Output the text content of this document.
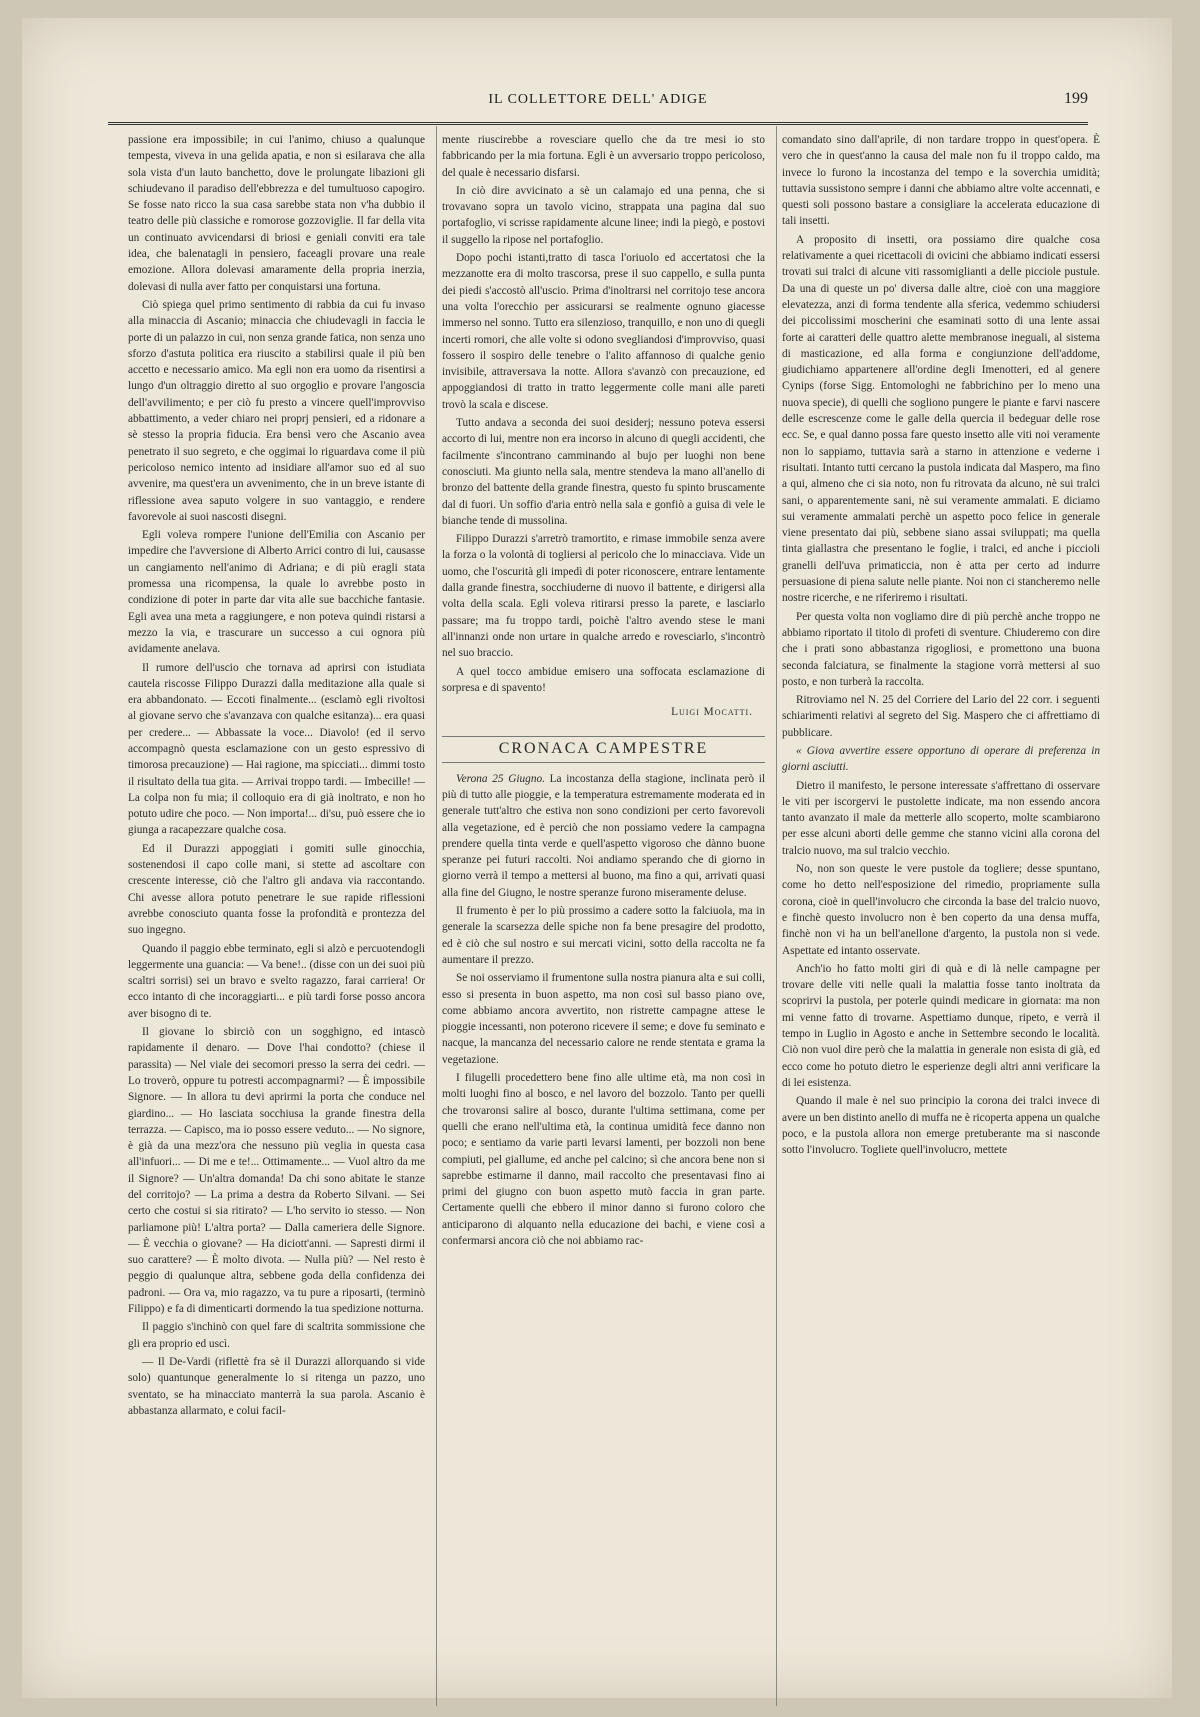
IL COLLETTORE DELL' ADIGE	199

passione era impossibile; in cui l'animo, chiuso a qualunque tempesta, viveva in una gelida apatia, e non si esilarava che alla sola vista d'un lauto banchetto, dove le prolungate libazioni gli schiudevano il paradiso dell'ebbrezza e del tumultuoso capogiro. Se fosse nato ricco la sua casa sarebbe stata non v'ha dubbio il teatro delle più classiche e romorose gozzoviglie. Il far della vita un continuato avvicendarsi di briosi e geniali conviti era tale idea, che balenatagli in pensiero, faceagli provare una reale emozione. Allora dolevasi amaramente della propria inerzia, dolevasi di nulla aver fatto per conquistarsi una fortuna.

Ciò spiega quel primo sentimento di rabbia da cui fu invaso alla minaccia di Ascanio; minaccia che chiudevagli in faccia le porte di un palazzo in cui, non senza grande fatica, non senza uno sforzo d'astuta politica era riuscito a stabilirsi quale il più ben accetto e necessario amico. Ma egli non era uomo da risentirsi a lungo d'un oltraggio diretto al suo orgoglio e provare l'angoscia dell'avvilimento; e per ciò fu presto a vincere quell'improvviso abbattimento, a veder chiaro nei proprj pensieri, ed a ridonare a sè stesso la propria fiducia. Era bensì vero che Ascanio avea penetrato il suo segreto, e che oggimai lo riguardava come il più pericoloso nemico intento ad insidiare all'amor suo ed al suo avvenire, ma quest'era un avvenimento, che in un breve istante di riflessione avea saputo volgere in suo vantaggio, e rendere favorevole ai suoi nascosti disegni.

Egli voleva rompere l'unione dell'Emilia con Ascanio per impedire che l'avversione di Alberto Arrici contro di lui, causasse un cangiamento nell'animo di Adriana; e di più eragli stata promessa una ricompensa, la quale lo avrebbe posto in condizione di poter in parte dar vita alle sue bacchiche fantasie. Egli avea una meta a raggiungere, e non poteva quindi ristarsi a mezzo la via, e trascurare un successo a cui ognora più avidamente anelava.

Il rumore dell'uscio che tornava ad aprirsi con istudiata cautela riscosse Filippo Durazzi dalla meditazione alla quale si era abbandonato. — Eccoti finalmente... (esclamò egli rivoltosi al giovane servo che s'avanzava con qualche esitanza)... era quasi per credere... — Abbassate la voce... Diavolo! (ed il servo accompagnò questa esclamazione con un gesto espressivo di timorosa precauzione) — Hai ragione, ma spicciati... dimmi tosto il risultato della tua gita. — Arrivai troppo tardi. — Imbecille! — La colpa non fu mia; il colloquio era di già inoltrato, e non ho potuto udire che poco. — Non importa!... di'su, può essere che io giunga a racapezzare qualche cosa.

Ed il Durazzi appoggiati i gomiti sulle ginocchia, sostenendosi il capo colle mani, si stette ad ascoltare con crescente interesse, ciò che l'altro gli andava via raccontando. Chi avesse allora potuto penetrare le sue rapide riflessioni avrebbe conosciuto quanta fosse la profondità e prontezza del suo ingegno.

Quando il paggio ebbe terminato, egli si alzò e percuotendogli leggermente una guancia: — Va bene!.. (disse con un dei suoi più scaltri sorrisi) sei un bravo e svelto ragazzo, farai carriera! Or ecco intanto di che incoraggiarti... e più tardi forse posso ancora aver bisogno di te.

Il giovane lo sbirciò con un sogghigno, ed intascò rapidamente il denaro. — Dove l'hai condotto? (chiese il parassita) — Nel viale dei secomori presso la serra dei cedri. — Lo troverò, oppure tu potresti accompagnarmi? — È impossibile Signore. — In allora tu devi aprirmi la porta che conduce nel giardino... — Ho lasciata socchiusa la grande finestra della terrazza. — Capisco, ma io posso essere veduto... — No signore, è già da una mezz'ora che nessuno più veglia in questa casa all'infuori... — Di me e te!... Ottimamente... — Vuol altro da me il Signore? — Un'altra domanda! Da chi sono abitate le stanze del corritojo? — La prima a destra da Roberto Silvani. — Sei certo che costui si sia ritirato? — L'ho servito io stesso. — Non parliamone più! L'altra porta? — Dalla cameriera delle Signore. — È vecchia o giovane? — Ha diciott'anni. — Sapresti dirmi il suo carattere? — È molto divota. — Nulla più? — Nel resto è peggio di qualunque altra, sebbene goda della confidenza dei padroni. — Ora va, mio ragazzo, va tu pure a riposarti, (terminò Filippo) e fa di dimenticarti dormendo la tua spedizione notturna.

Il paggio s'inchinò con quel fare di scaltrita sommissione che gli era proprio ed uscì.

— Il De-Vardi (riflettè fra sè il Durazzi allorquando si vide solo) quantunque generalmente lo si ritenga un pazzo, uno sventato, se ha minacciato manterrà la sua parola. Ascanio è abbastanza allarmato, e colui facil-

mente riuscirebbe a rovesciare quello che da tre mesi io sto fabbricando per la mia fortuna. Egli è un avversario troppo pericoloso, del quale è necessario disfarsi.

In ciò dire avvicinato a sè un calamajo ed una penna, che si trovavano sopra un tavolo vicino, strappata una pagina dal suo portafoglio, vi scrisse rapidamente alcune linee; indi la piegò, e postovi il suggello la ripose nel portafoglio.

Dopo pochi istanti,tratto di tasca l'oriuolo ed accertatosi che la mezzanotte era di molto trascorsa, prese il suo cappello, e sulla punta dei piedi s'accostò all'uscio. Prima d'inoltrarsi nel corritojo tese ancora una volta l'orecchio per assicurarsi se realmente ognuno giacesse immerso nel sonno. Tutto era silenzioso, tranquillo, e non uno di quegli incerti romori, che alle volte si odono svegliandosi d'improvviso, quasi fossero il sospiro delle tenebre o l'alito affannoso di qualche genio invisibile, attraversava la notte. Allora s'avanzò con precauzione, ed appoggiandosi di tratto in tratto leggermente colle mani alle pareti trovò la scala e discese.

Tutto andava a seconda dei suoi desiderj; nessuno poteva essersi accorto di lui, mentre non era incorso in alcuno di quegli accidenti, che facilmente s'incontrano camminando al bujo per luoghi non bene conosciuti. Ma giunto nella sala, mentre stendeva la mano all'anello di bronzo del battente della grande finestra, questo fu spinto bruscamente dal di fuori. Un soffio d'aria entrò nella sala e gonfiò a guisa di vele le bianche tende di mussolina.

Filippo Durazzi s'arretrò tramortito, e rimase immobile senza avere la forza o la volontà di togliersi al pericolo che lo minacciava. Vide un uomo, che l'oscurità gli impedì di poter riconoscere, entrare lentamente dalla grande finestra, socchiuderne di nuovo il battente, e dirigersi alla volta della scala. Egli voleva ritirarsi presso la parete, e lasciarlo passare; ma fu troppo tardi, poichè l'altro avendo stese le mani all'innanzi onde non urtare in qualche arredo e rovesciarlo, s'incontrò nel suo braccio.

A quel tocco ambidue emisero una soffocata esclamazione di sorpresa e di spavento!

Luigi Mocatti.
CRONACA CAMPESTRE

Verona 25 Giugno. La incostanza della stagione, inclinata però il più di tutto alle pioggie, e la temperatura estremamente moderata ed in generale tutt'altro che estiva non sono condizioni per certo favorevoli alla vegetazione, ed è perciò che non possiamo vedere la campagna prendere quella tinta verde e quell'aspetto vigoroso che dànno buone speranze pei futuri raccolti. Noi andiamo sperando che di giorno in giorno verrà il tempo a mettersi al buono, ma fino a qui, arrivati quasi alla fine del Giugno, le nostre speranze furono miseramente deluse.

Il frumento è per lo più prossimo a cadere sotto la falciuola, ma in generale la scarsezza delle spiche non fa bene presagire del prodotto, ed è ciò che sul nostro e sui mercati vicini, sotto della raccolta ne fa aumentare il prezzo.

Se noi osserviamo il frumentone sulla nostra pianura alta e sui colli, esso si presenta in buon aspetto, ma non così sul basso piano ove, come abbiamo ancora avvertito, non ristrette campagne attese le pioggie incessanti, non poterono ricevere il seme; e dove fu seminato e nacque, la mancanza del necessario calore ne rende stentata e grama la vegetazione.

I filugelli procedettero bene fino alle ultime età, ma non così in molti luoghi fino al bosco, e nel lavoro del bozzolo. Tanto per quelli che trovaronsi salire al bosco, durante l'ultima settimana, come per quelli che erano nell'ultima età, la continua umidità fece danno non poco; e sentiamo da varie parti levarsi lamenti, per bozzoli non bene compiuti, pel giallume, ed anche pel calcino; sì che ancora bene non si saprebbe estimarne il danno, mail raccolto che presentavasi fino ai primi del giugno con buon aspetto mutò faccia in gran parte. Certamente quelli che ebbero il minor danno si furono coloro che anticiparono di alquanto nella educazione dei bachi, e viene così a confermarsi ancora ciò che noi abbiamo rac-

comandato sino dall'aprile, di non tardare troppo in quest'opera. È vero che in quest'anno la causa del male non fu il troppo caldo, ma invece lo furono la incostanza del tempo e la soverchia umidità; tuttavia sussistono sempre i danni che abbiamo altre volte accennati, e questi soli possono bastare a consigliare la accelerata educazione di tali insetti.

A proposito di insetti, ora possiamo dire qualche cosa relativamente a quei ricettacoli di ovicini che abbiamo indicati essersi trovati sui tralci di alcune viti rassomiglianti a delle picciole pustule. Da una di queste un po' diversa dalle altre, cioè con una maggiore elevatezza, anzi di forma tendente alla sferica, vedemmo schiudersi dei piccolissimi moscherini che esaminati sotto di una lente assai forte ai caratteri delle quattro alette membranose ineguali, al sistema di masticazione, ed alla forma e congiunzione dell'addome, giudichiamo appartenere all'ordine degli Imenotteri, ed al genere Cynips (forse Sigg. Entomologhi ne fabbrichino per lo meno una nuova specie), di quelli che sogliono pungere le piante e farvi nascere delle escrescenze come le galle della quercia il bedeguar delle rose ecc. Se, e qual danno possa fare questo insetto alle viti noi veramente non lo sappiamo, tuttavia sarà a starno in attenzione e vederne i risultati. Intanto tutti cercano la pustola indicata dal Maspero, ma fino a qui, almeno che ci sia noto, non fu ritrovata da alcuno, nè sui tralci sani, o apparentemente sani, nè sui veramente ammalati. E diciamo sui veramente ammalati perchè un aspetto poco felice in generale viene presentato dai più, sebbene siano assai sviluppati; ma quella tinta giallastra che presentano le foglie, i tralci, ed anche i piccioli granelli dell'uva primaticcia, non è atta per certo ad indurre persuasione di piena salute nelle piante. Noi non ci stancheremo nelle nostre ricerche, e ne riferiremo i risultati.

Per questa volta non vogliamo dire di più perchè anche troppo ne abbiamo riportato il titolo di profeti di sventure. Chiuderemo con dire che i prati sono abbastanza rigogliosi, e promettono una buona seconda falciatura, se finalmente la stagione vorrà mettersi al suo posto, e non turberà la raccolta.

Ritroviamo nel N. 25 del Corriere del Lario del 22 corr. i seguenti schiarimenti relativi al segreto del Sig. Maspero che ci affrettiamo di pubblicare.

« Giova avvertire essere opportuno di operare di preferenza in giorni asciutti.

Dietro il manifesto, le persone interessate s'affrettano di osservare le viti per iscorgervi le pustolette indicate, ma non essendo ancora tanto avanzato il male da metterle allo scoperto, molte scambiarono per esse alcuni aborti delle gemme che stanno vicini alla corona del tralcio nuovo, ma sul tralcio vecchio.

No, non son queste le vere pustole da togliere; desse spuntano, come ho detto nell'esposizione del rimedio, propriamente sulla corona, cioè in quell'involucro che circonda la base del tralcio nuovo, e finchè questo involucro non è ben coperto da una densa muffa, finchè non vi ha un bell'anellone d'argento, la pustola non si vede. Aspettate ed intanto osservate.

Anch'io ho fatto molti giri di quà e di là nelle campagne per trovare delle viti nelle quali la malattia fosse tanto inoltrata da scoprirvi la pustola, per poterle quindi medicare in giornata: ma non mi venne fatto di trovarne. Aspettiamo dunque, ripeto, e verrà il tempo in Luglio in Agosto e anche in Settembre secondo le località. Ciò non vuol dire però che la malattia in generale non esista di già, ed ecco come ho potuto dietro le esperienze degli altri anni verificare la di lei esistenza.

Quando il male è nel suo principio la corona dei tralci invece di avere un ben distinto anello di muffa ne è ricoperta appena un qualche poco, e la pustola allora non emerge pretuberante ma si nasconde sotto l'involucro. Togliete quell'involucro, mettete
